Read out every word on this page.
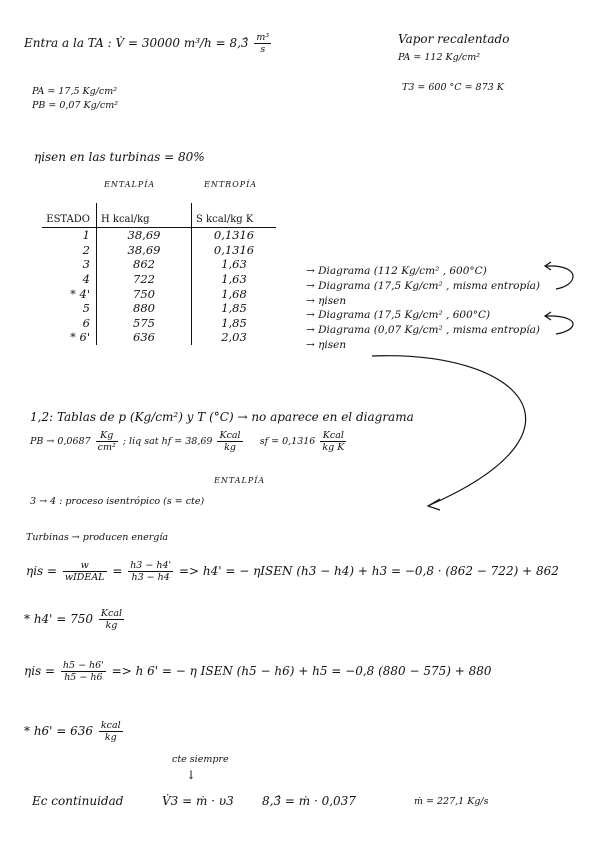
Entra a la TA : V̇ = 30000 m³/h = 8,3̂ $\frac{\text{m³}}{s}$	Vapor recalentado
PA = 112 Kg/cm²
T3 = 600 °C = 873 K
PA = 17,5 Kg/cm²
PB = 0,07 Kg/cm²
ηisen en las turbinas = 80%
ENTALPÍA	ENTROPÍA
ESTADO	H kcal/kg	S kcal/kg K
1	38,69	0,1316
2	38,69	0,1316
3	862	1,63
4	722	1,63
* 4'	750	1,68
5	880	1,85
6	575	1,85
* 6'	636	2,03
→ Diagrama (112 Kg/cm² , 600°C)
→ Diagrama (17,5 Kg/cm² , misma entropía)
→ ηisen
→ Diagrama (17,5 Kg/cm² , 600°C)
→ Diagrama (0,07 Kg/cm² , misma entropía)
→ ηisen
1,2: Tablas de p (Kg/cm²) y T (°C) → no aparece en el diagrama
PB → $0,0687 \frac{Kg}{\text{cm²}}$ ; liq sat hf = $38,69 \frac{\text{Kcal}}{kg}$ sf = $0,1316 \frac{\text{Kcal}}{\text{kg K}}$
ENTALPÍA
3 → 4 : proceso isentrópico (s = cte)
Turbinas → producen energía
$\eta is = \frac{w}{\text{wIDEAL}} = \frac{h3 - h4'}{h3 - h4} => h4'$ = − ηISEN (h3 − h4) + h3 = −0,8 · (862 − 722) + 862
* $h4' = 750 \frac{\text{Kcal}}{kg}$
$\eta is = \frac{h5 - h6'}{h5 - h6} => h$ 6' = − η ISEN (h5 − h6) + h5 = −0,8 (880 − 575) + 880
* $h6' = 636 \frac{\text{kcal}}{kg}$
cte siempre
↓
Ec continuidad	V̇3 = ṁ · υ3 8,3̂ = ṁ · 0,037	ṁ = 227,1 Kg/s
